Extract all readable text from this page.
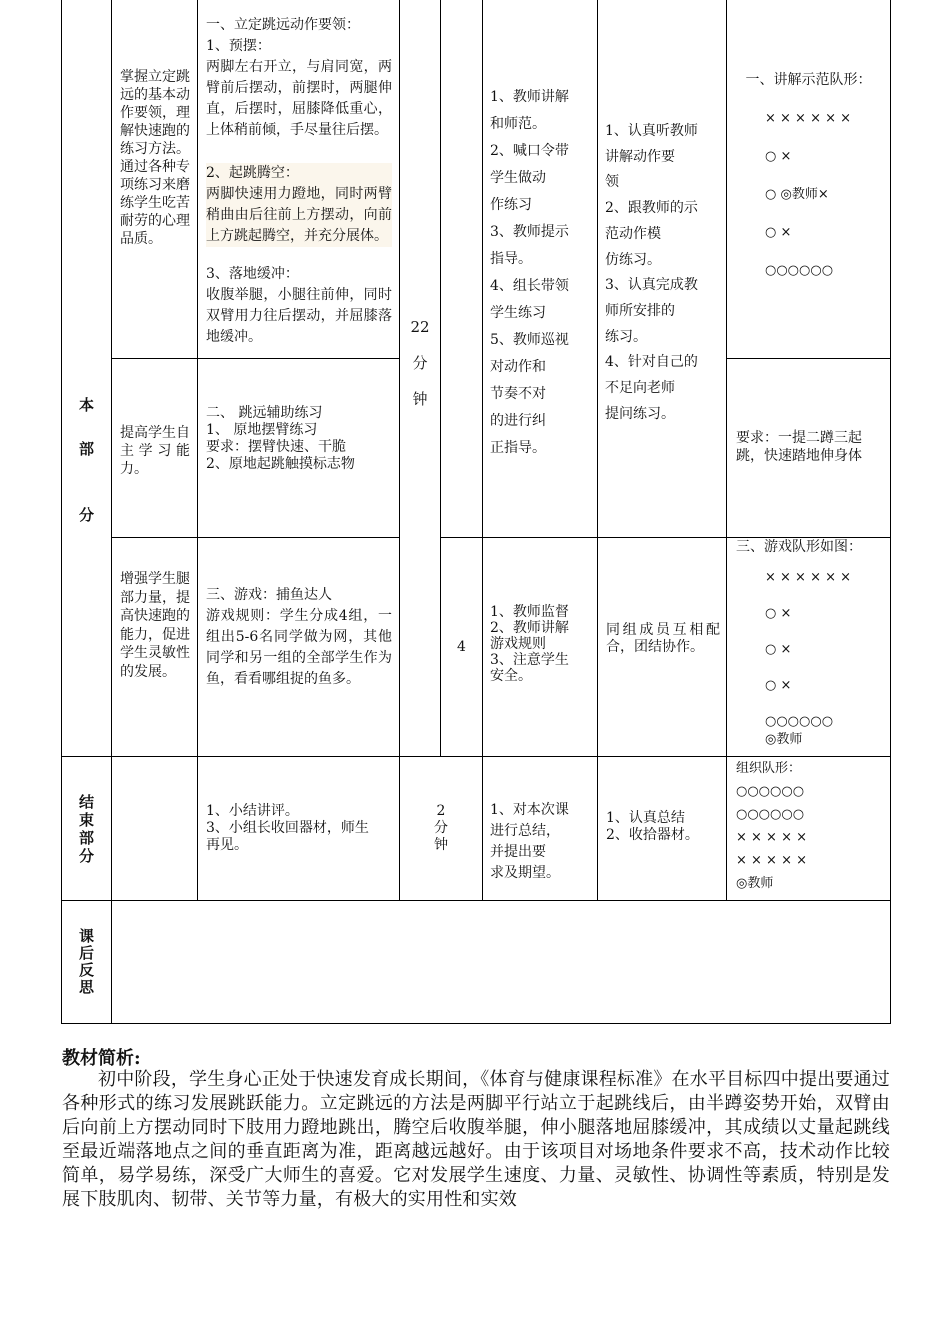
本

部

分
22

分

钟
掌握立定跳远的基本动作要领，理解快速跑的练习方法。通过各种专项练习来磨练学生吃苦耐劳的心理品质。
一、立定跳远动作要领：
1、预摆：
两脚左右开立，与肩同宽，两臂前后摆动，前摆时，两腿伸直，后摆时，屈膝降低重心，上体稍前倾，手尽量往后摆。
2、起跳腾空：
两脚快速用力蹬地，同时两臂稍曲由后往前上方摆动，向前上方跳起腾空，并充分展体。
3、落地缓冲：
收腹举腿，小腿往前伸，同时双臂用力往后摆动，并屈膝落地缓冲。
1、教师讲解
和师范。
2、喊口令带
学生做动
作练习
3、教师提示
指导。
4、组长带领
学生练习
5、教师巡视
对动作和
节奏不对
的进行纠
正指导。
1、认真听教师
讲解动作要
领
2、跟教师的示
范动作模
仿练习。
3、认真完成教
师所安排的
练习。
4、针对自己的
不足向老师
提问练习。
一、讲解示范队形：
× × × × × ×

○ ×

○ ◎教师×

○ ×

○○○○○○
提高学生自主学习能力。
二、 跳远辅助练习
1、 原地摆臂练习
要求：摆臂快速、干脆
2、原地起跳触摸标志物
要求：一提二蹲三起跳，快速踏地伸身体
增强学生腿部力量，提高快速跑的能力，促进学生灵敏性的发展。
三、游戏：捕鱼达人
游戏规则：学生分成4组，一组出5-6名同学做为网，其他同学和另一组的全部学生作为鱼，看看哪组捉的鱼多。
4
1、教师监督
2、教师讲解
游戏规则
3、注意学生
安全。
同组成员互相配合，团结协作。
三、游戏队形如图：
× × × × × ×

○ ×

○ ×

○ ×

○○○○○○
◎教师
结
束
部
分
1、小结讲评。
3、小组长收回器材，师生
再见。
2
分
钟
1、对本次课
进行总结，
并提出要
求及期望。
1、认真总结
2、收拾器材。
组织队形：
○○○○○○
○○○○○○
× × × × ×
× × × × ×
◎教师
课
后
反
思
教材简析:
初中阶段，学生身心正处于快速发育成长期间，《体育与健康课程标准》在水平目标四中提出要通过各种形式的练习发展跳跃能力。立定跳远的方法是两脚平行站立于起跳线后，由半蹲姿势开始，双臂由后向前上方摆动同时下肢用力蹬地跳出，腾空后收腹举腿，伸小腿落地屈膝缓冲，其成绩以丈量起跳线至最近端落地点之间的垂直距离为准，距离越远越好。由于该项目对场地条件要求不高，技术动作比较简单，易学易练，深受广大师生的喜爱。它对发展学生速度、力量、灵敏性、协调性等素质，特别是发展下肢肌肉、韧带、关节等力量，有极大的实用性和实效
